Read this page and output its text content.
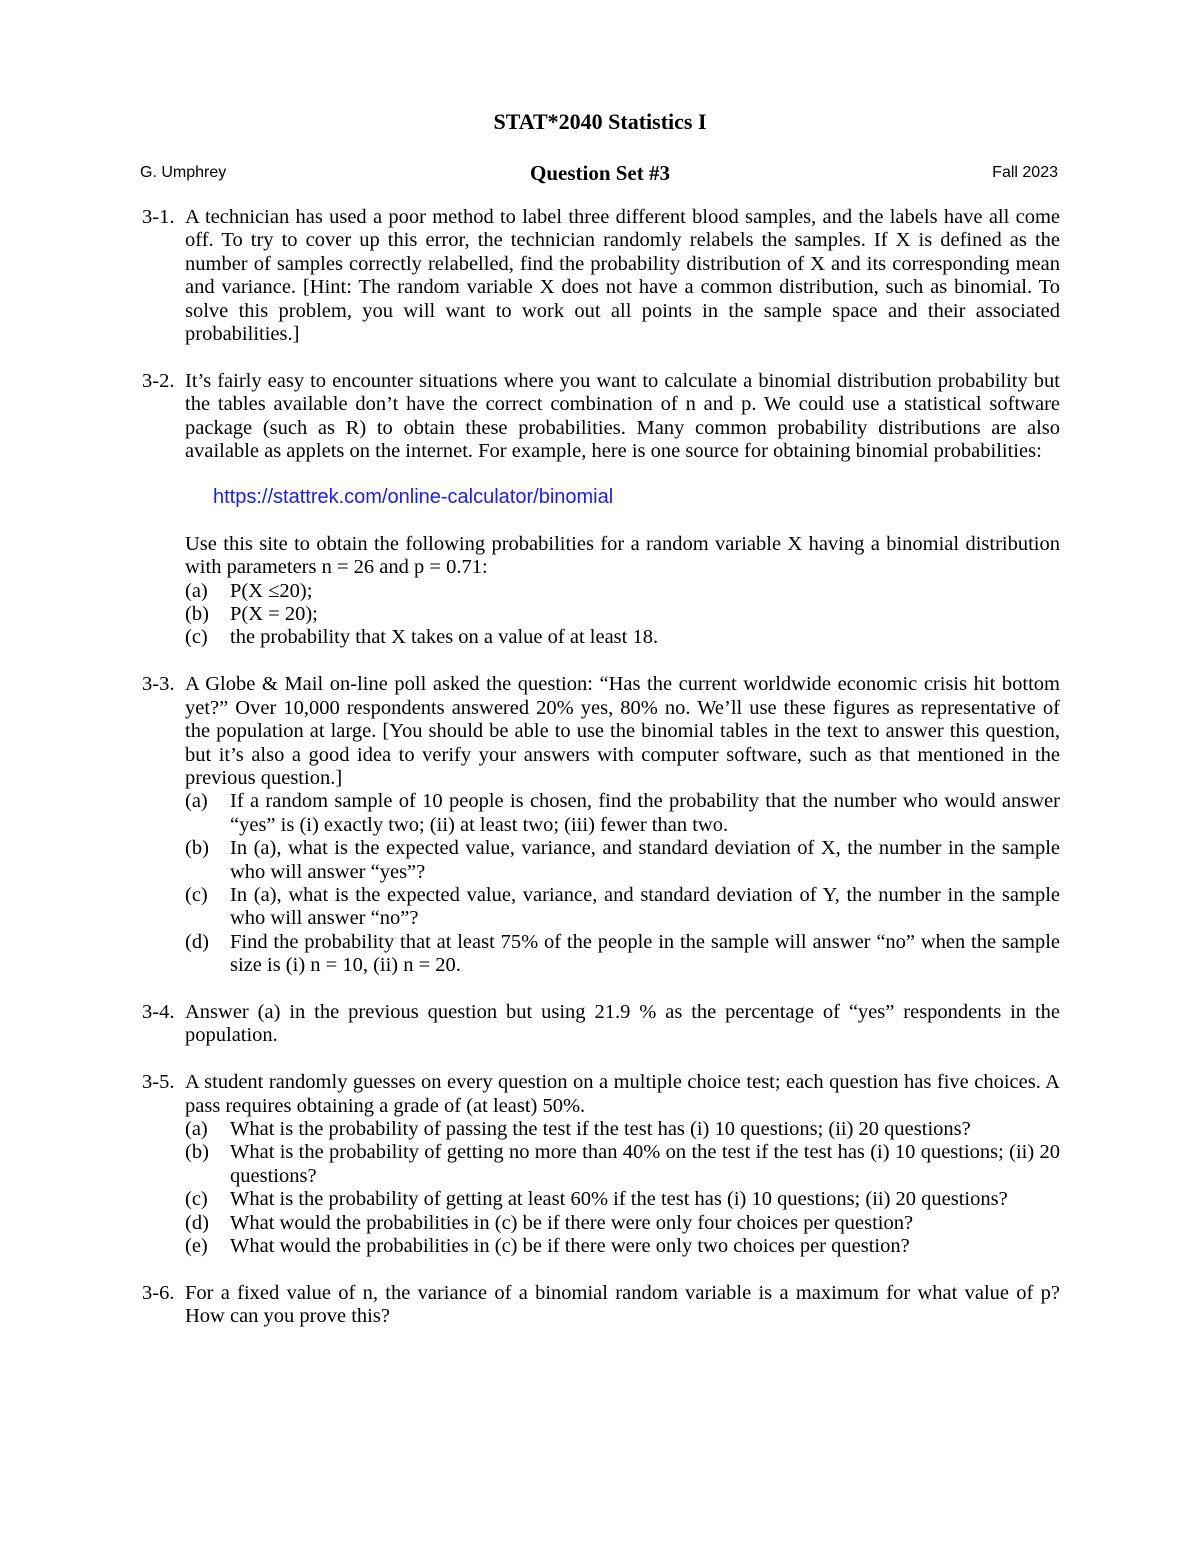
STAT*2040 Statistics I
G. Umphrey	Question Set #3	Fall 2023
3-1. A technician has used a poor method to label three different blood samples, and the labels have all come off. To try to cover up this error, the technician randomly relabels the samples. If X is defined as the number of samples correctly relabelled, find the probability distribution of X and its corresponding mean and variance. [Hint: The random variable X does not have a common distribution, such as binomial. To solve this problem, you will want to work out all points in the sample space and their associated probabilities.]
3-2. It’s fairly easy to encounter situations where you want to calculate a binomial distribution probability but the tables available don’t have the correct combination of n and p. We could use a statistical software package (such as R) to obtain these probabilities. Many common probability distributions are also available as applets on the internet. For example, here is one source for obtaining binomial probabilities:
https://stattrek.com/online-calculator/binomial
Use this site to obtain the following probabilities for a random variable X having a binomial distribution with parameters n = 26 and p = 0.71:
(a) P(X ≤20);
(b) P(X = 20);
(c) the probability that X takes on a value of at least 18.
3-3. A Globe & Mail on-line poll asked the question: “Has the current worldwide economic crisis hit bottom yet?” Over 10,000 respondents answered 20% yes, 80% no. We’ll use these figures as representative of the population at large. [You should be able to use the binomial tables in the text to answer this question, but it’s also a good idea to verify your answers with computer software, such as that mentioned in the previous question.]
(a) If a random sample of 10 people is chosen, find the probability that the number who would answer “yes” is (i) exactly two; (ii) at least two; (iii) fewer than two.
(b) In (a), what is the expected value, variance, and standard deviation of X, the number in the sample who will answer “yes”?
(c) In (a), what is the expected value, variance, and standard deviation of Y, the number in the sample who will answer “no”?
(d) Find the probability that at least 75% of the people in the sample will answer “no” when the sample size is (i) n = 10, (ii) n = 20.
3-4. Answer (a) in the previous question but using 21.9 % as the percentage of “yes” respondents in the population.
3-5. A student randomly guesses on every question on a multiple choice test; each question has five choices. A pass requires obtaining a grade of (at least) 50%.
(a) What is the probability of passing the test if the test has (i) 10 questions; (ii) 20 questions?
(b) What is the probability of getting no more than 40% on the test if the test has (i) 10 questions; (ii) 20 questions?
(c) What is the probability of getting at least 60% if the test has (i) 10 questions; (ii) 20 questions?
(d) What would the probabilities in (c) be if there were only four choices per question?
(e) What would the probabilities in (c) be if there were only two choices per question?
3-6. For a fixed value of n, the variance of a binomial random variable is a maximum for what value of p? How can you prove this?
